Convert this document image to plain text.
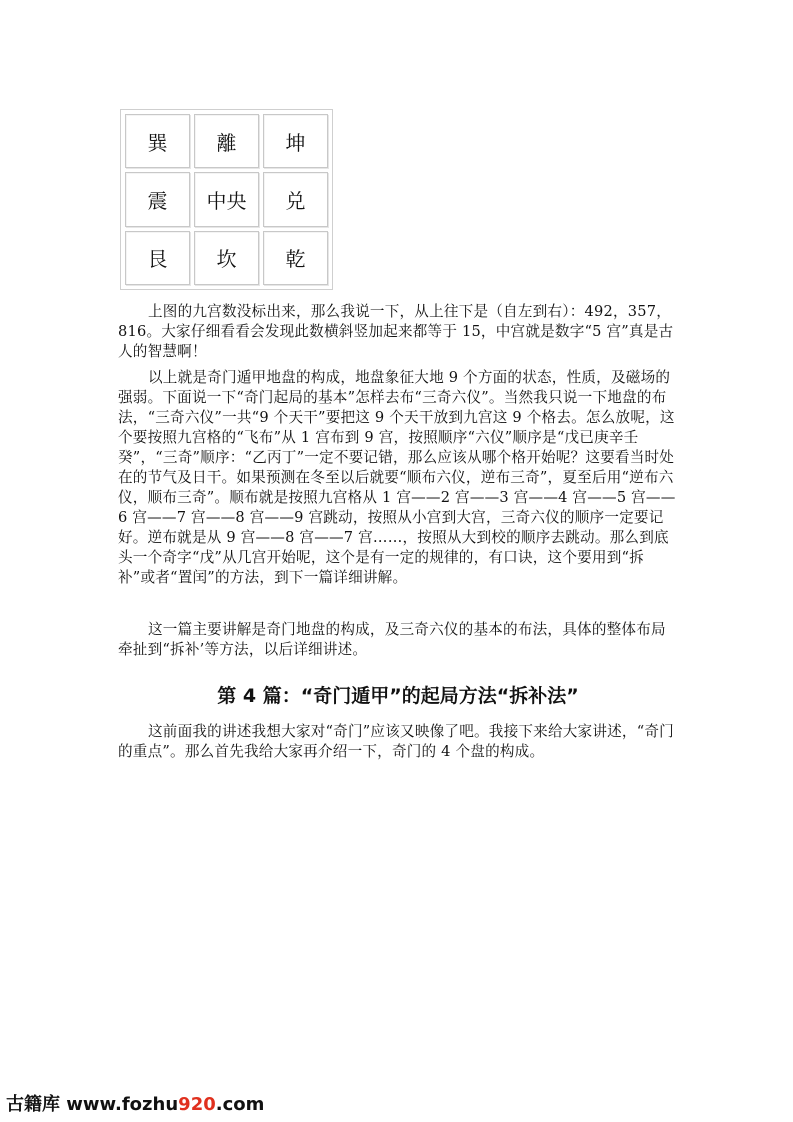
巽	離	坤
震	中央	兑
艮	坎	乾

上图的九宫数没标出来，那么我说一下，从上往下是（自左到右）：492，357，816。大家仔细看看会发现此数横斜竖加起来都等于 15，中宫就是数字“5 宫”真是古人的智慧啊！

以上就是奇门遁甲地盘的构成，地盘象征大地 9 个方面的状态，性质，及磁场的强弱。下面说一下“奇门起局的基本”怎样去布“三奇六仪”。当然我只说一下地盘的布法，“三奇六仪”一共“9 个天干”要把这 9 个天干放到九宫这 9 个格去。怎么放呢，这个要按照九宫格的“飞布”从 1 宫布到 9 宫，按照顺序“六仪”顺序是“戊已庚辛壬癸”，“三奇”顺序：“乙丙丁”一定不要记错，那么应该从哪个格开始呢？这要看当时处在的节气及日干。如果预测在冬至以后就要“顺布六仪，逆布三奇”，夏至后用“逆布六仪，顺布三奇”。顺布就是按照九宫格从 1 宫——2 宫——3 宫——4 宫——5 宫——6 宫——7 宫——8 宫——9 宫跳动，按照从小宫到大宫，三奇六仪的顺序一定要记好。逆布就是从 9 宫——8 宫——7 宫……，按照从大到校的顺序去跳动。那么到底头一个奇字“戊”从几宫开始呢，这个是有一定的规律的，有口诀，这个要用到“拆补”或者“置闰”的方法，到下一篇详细讲解。

这一篇主要讲解是奇门地盘的构成，及三奇六仪的基本的布法，具体的整体布局牵扯到“拆补’等方法，以后详细讲述。

第 4 篇：“奇门遁甲”的起局方法“拆补法”

这前面我的讲述我想大家对“奇门”应该又映像了吧。我接下来给大家讲述，“奇门的重点”。那么首先我给大家再介绍一下，奇门的 4 个盘的构成。

古籍库 www.fozhu920.com
